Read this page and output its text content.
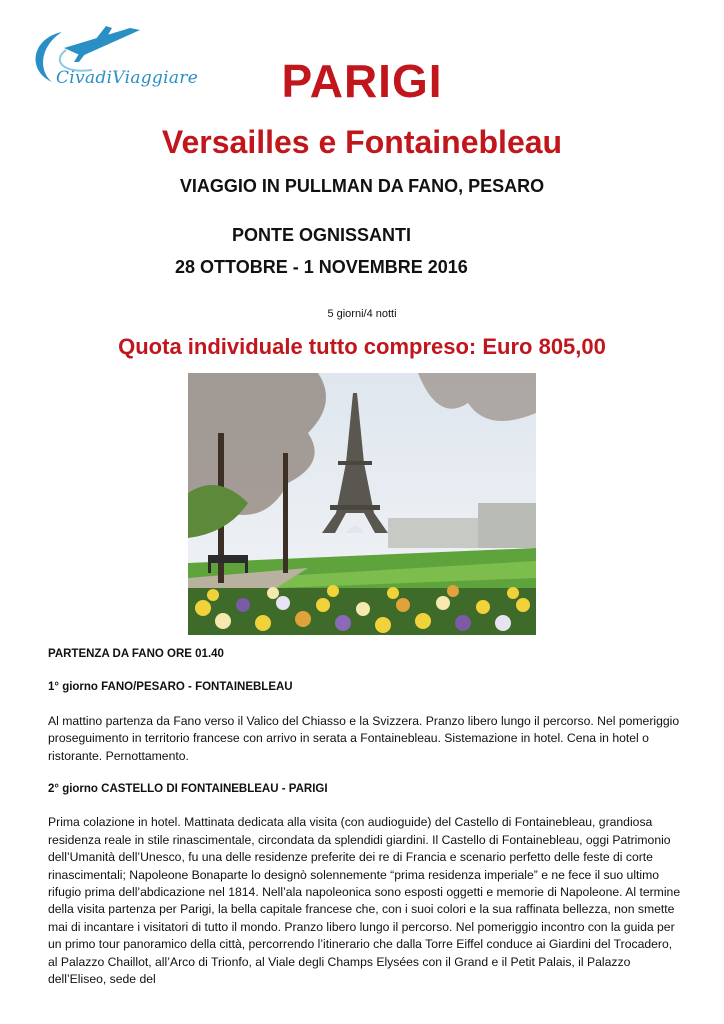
CivadiViaggiare	PARIGI
Versailles e Fontainebleau
VIAGGIO IN PULLMAN DA FANO, PESARO
PONTE OGNISSANTI
28 OTTOBRE - 1 NOVEMBRE 2016
5 giorni/4 notti
Quota individuale tutto compreso: Euro 805,00

PARTENZA DA FANO ORE 01.40

1° giorno FANO/PESARO - FONTAINEBLEAU

Al mattino partenza da Fano verso il Valico del Chiasso e la Svizzera. Pranzo libero lungo il percorso. Nel pomeriggio proseguimento in territorio francese con arrivo in serata a Fontainebleau. Sistemazione in hotel. Cena in hotel o ristorante. Pernottamento.

2° giorno CASTELLO DI FONTAINEBLEAU - PARIGI

Prima colazione in hotel. Mattinata dedicata alla visita (con audioguide) del Castello di Fontainebleau, grandiosa residenza reale in stile rinascimentale, circondata da splendidi giardini. Il Castello di Fontainebleau, oggi Patrimonio dell’Umanità dell’Unesco, fu una delle residenze preferite dei re di Francia e scenario perfetto delle feste di corte rinascimentali; Napoleone Bonaparte lo designò solennemente “prima residenza imperiale” e ne fece il suo ultimo rifugio prima dell’abdicazione nel 1814. Nell’ala napoleonica sono esposti oggetti e memorie di Napoleone. Al termine della visita partenza per Parigi, la bella capitale francese che, con i suoi colori e la sua raffinata bellezza, non smette mai di incantare i visitatori di tutto il mondo. Pranzo libero lungo il percorso. Nel pomeriggio incontro con la guida per un primo tour panoramico della città, percorrendo l’itinerario che dalla Torre Eiffel conduce ai Giardini del Trocadero, al Palazzo Chaillot, all’Arco di Trionfo, al Viale degli Champs Elysées con il Grand e il Petit Palais, il Palazzo dell’Eliseo, sede del
